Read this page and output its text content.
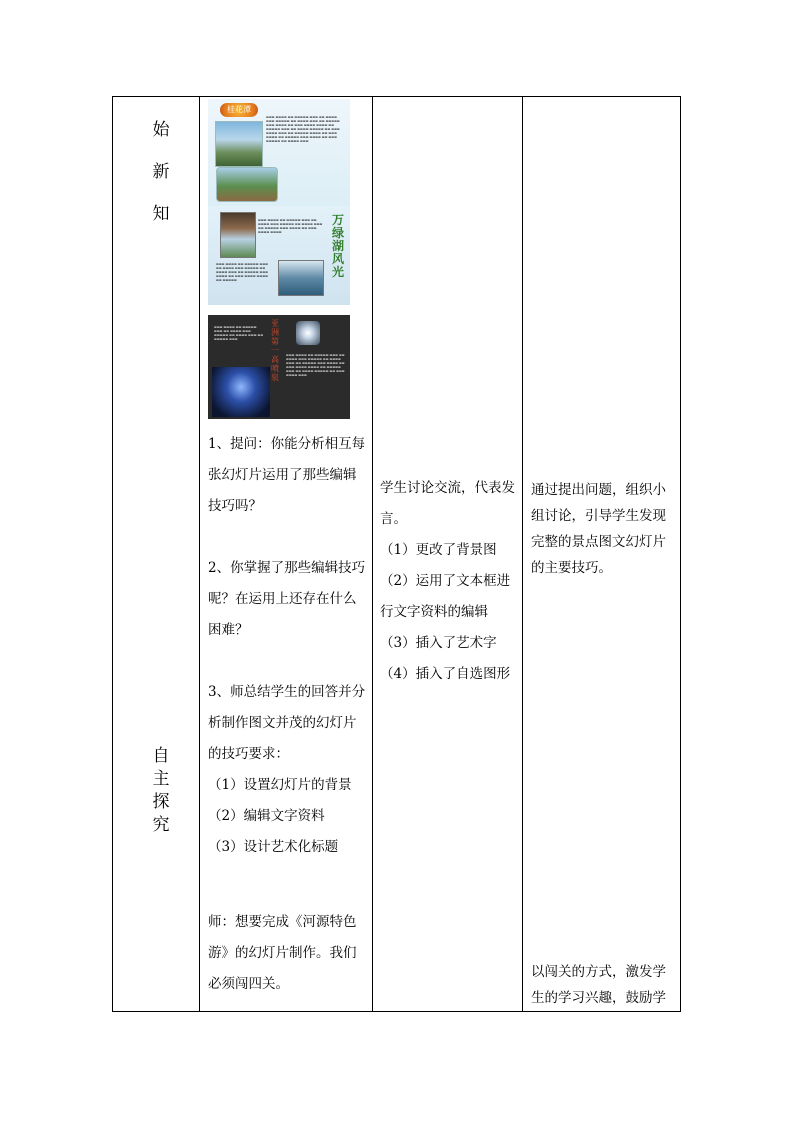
始
新
知
自
主
探
究
桂花潭
▬▬▬ ▬▬▬▬ ▬▬ ▬▬▬▬▬ ▬▬▬ ▬▬ ▬▬▬▬ ▬▬▬ ▬▬▬▬▬ ▬▬ ▬▬▬▬ ▬▬▬ ▬▬ ▬▬▬▬▬ ▬▬▬ ▬▬▬▬ ▬▬ ▬▬▬ ▬▬▬▬ ▬▬▬▬ ▬▬ ▬▬▬▬▬ ▬▬▬ ▬▬ ▬▬▬▬ ▬▬▬▬▬ ▬▬ ▬▬▬ ▬▬▬▬ ▬▬▬ ▬▬ ▬▬▬▬▬ ▬▬▬▬ ▬▬ ▬▬▬ ▬▬▬▬ ▬▬ ▬▬▬▬▬ ▬▬▬ ▬▬▬▬ ▬▬ ▬▬▬ ▬▬▬▬▬ ▬▬ ▬▬▬▬ ▬▬▬
万绿湖风光
▬▬▬ ▬▬▬▬ ▬▬ ▬▬▬▬▬ ▬▬▬ ▬▬ ▬▬▬▬ ▬▬▬ ▬▬▬▬▬ ▬▬ ▬▬▬▬ ▬▬▬ ▬▬ ▬▬▬▬▬ ▬▬▬ ▬▬▬▬ ▬▬ ▬▬▬ ▬▬▬▬ ▬▬▬▬
▬▬▬ ▬▬▬▬ ▬▬ ▬▬▬▬▬ ▬▬▬ ▬▬ ▬▬▬▬ ▬▬▬ ▬▬▬▬▬ ▬▬ ▬▬▬▬ ▬▬▬ ▬▬ ▬▬▬▬▬ ▬▬▬ ▬▬▬▬ ▬▬ ▬▬▬ ▬▬▬▬ ▬▬▬▬ ▬▬ ▬▬▬▬▬
亚洲第一高喷泉
▬▬▬ ▬▬▬▬ ▬▬ ▬▬▬▬▬ ▬▬▬ ▬▬ ▬▬▬▬ ▬▬▬ ▬▬▬▬▬ ▬▬ ▬▬▬▬ ▬▬▬ ▬▬ ▬▬▬▬▬ ▬▬▬
▬▬▬ ▬▬▬▬ ▬▬ ▬▬▬▬▬ ▬▬▬ ▬▬ ▬▬▬▬ ▬▬▬ ▬▬▬▬▬ ▬▬ ▬▬▬▬ ▬▬▬ ▬▬ ▬▬▬▬▬ ▬▬▬ ▬▬▬▬ ▬▬ ▬▬▬ ▬▬▬▬ ▬▬▬▬ ▬▬ ▬▬▬▬▬ ▬▬▬ ▬▬ ▬▬▬▬ ▬▬▬▬▬ ▬▬ ▬▬▬ ▬▬▬▬ ▬▬▬
1、提问：你能分析相互每张幻灯片运用了那些编辑技巧吗？
2、你掌握了那些编辑技巧呢？在运用上还存在什么困难？
3、师总结学生的回答并分析制作图文并茂的幻灯片的技巧要求：
（1）设置幻灯片的背景
（2）编辑文字资料
（3）设计艺术化标题
师：想要完成《河源特色游》的幻灯片制作。我们必须闯四关。
学生讨论交流，代表发言。
（1）更改了背景图
（2）运用了文本框进行文字资料的编辑
（3）插入了艺术字
（4）插入了自选图形
通过提出问题，组织小组讨论，引导学生发现完整的景点图文幻灯片的主要技巧。
以闯关的方式，激发学生的学习兴趣，鼓励学
